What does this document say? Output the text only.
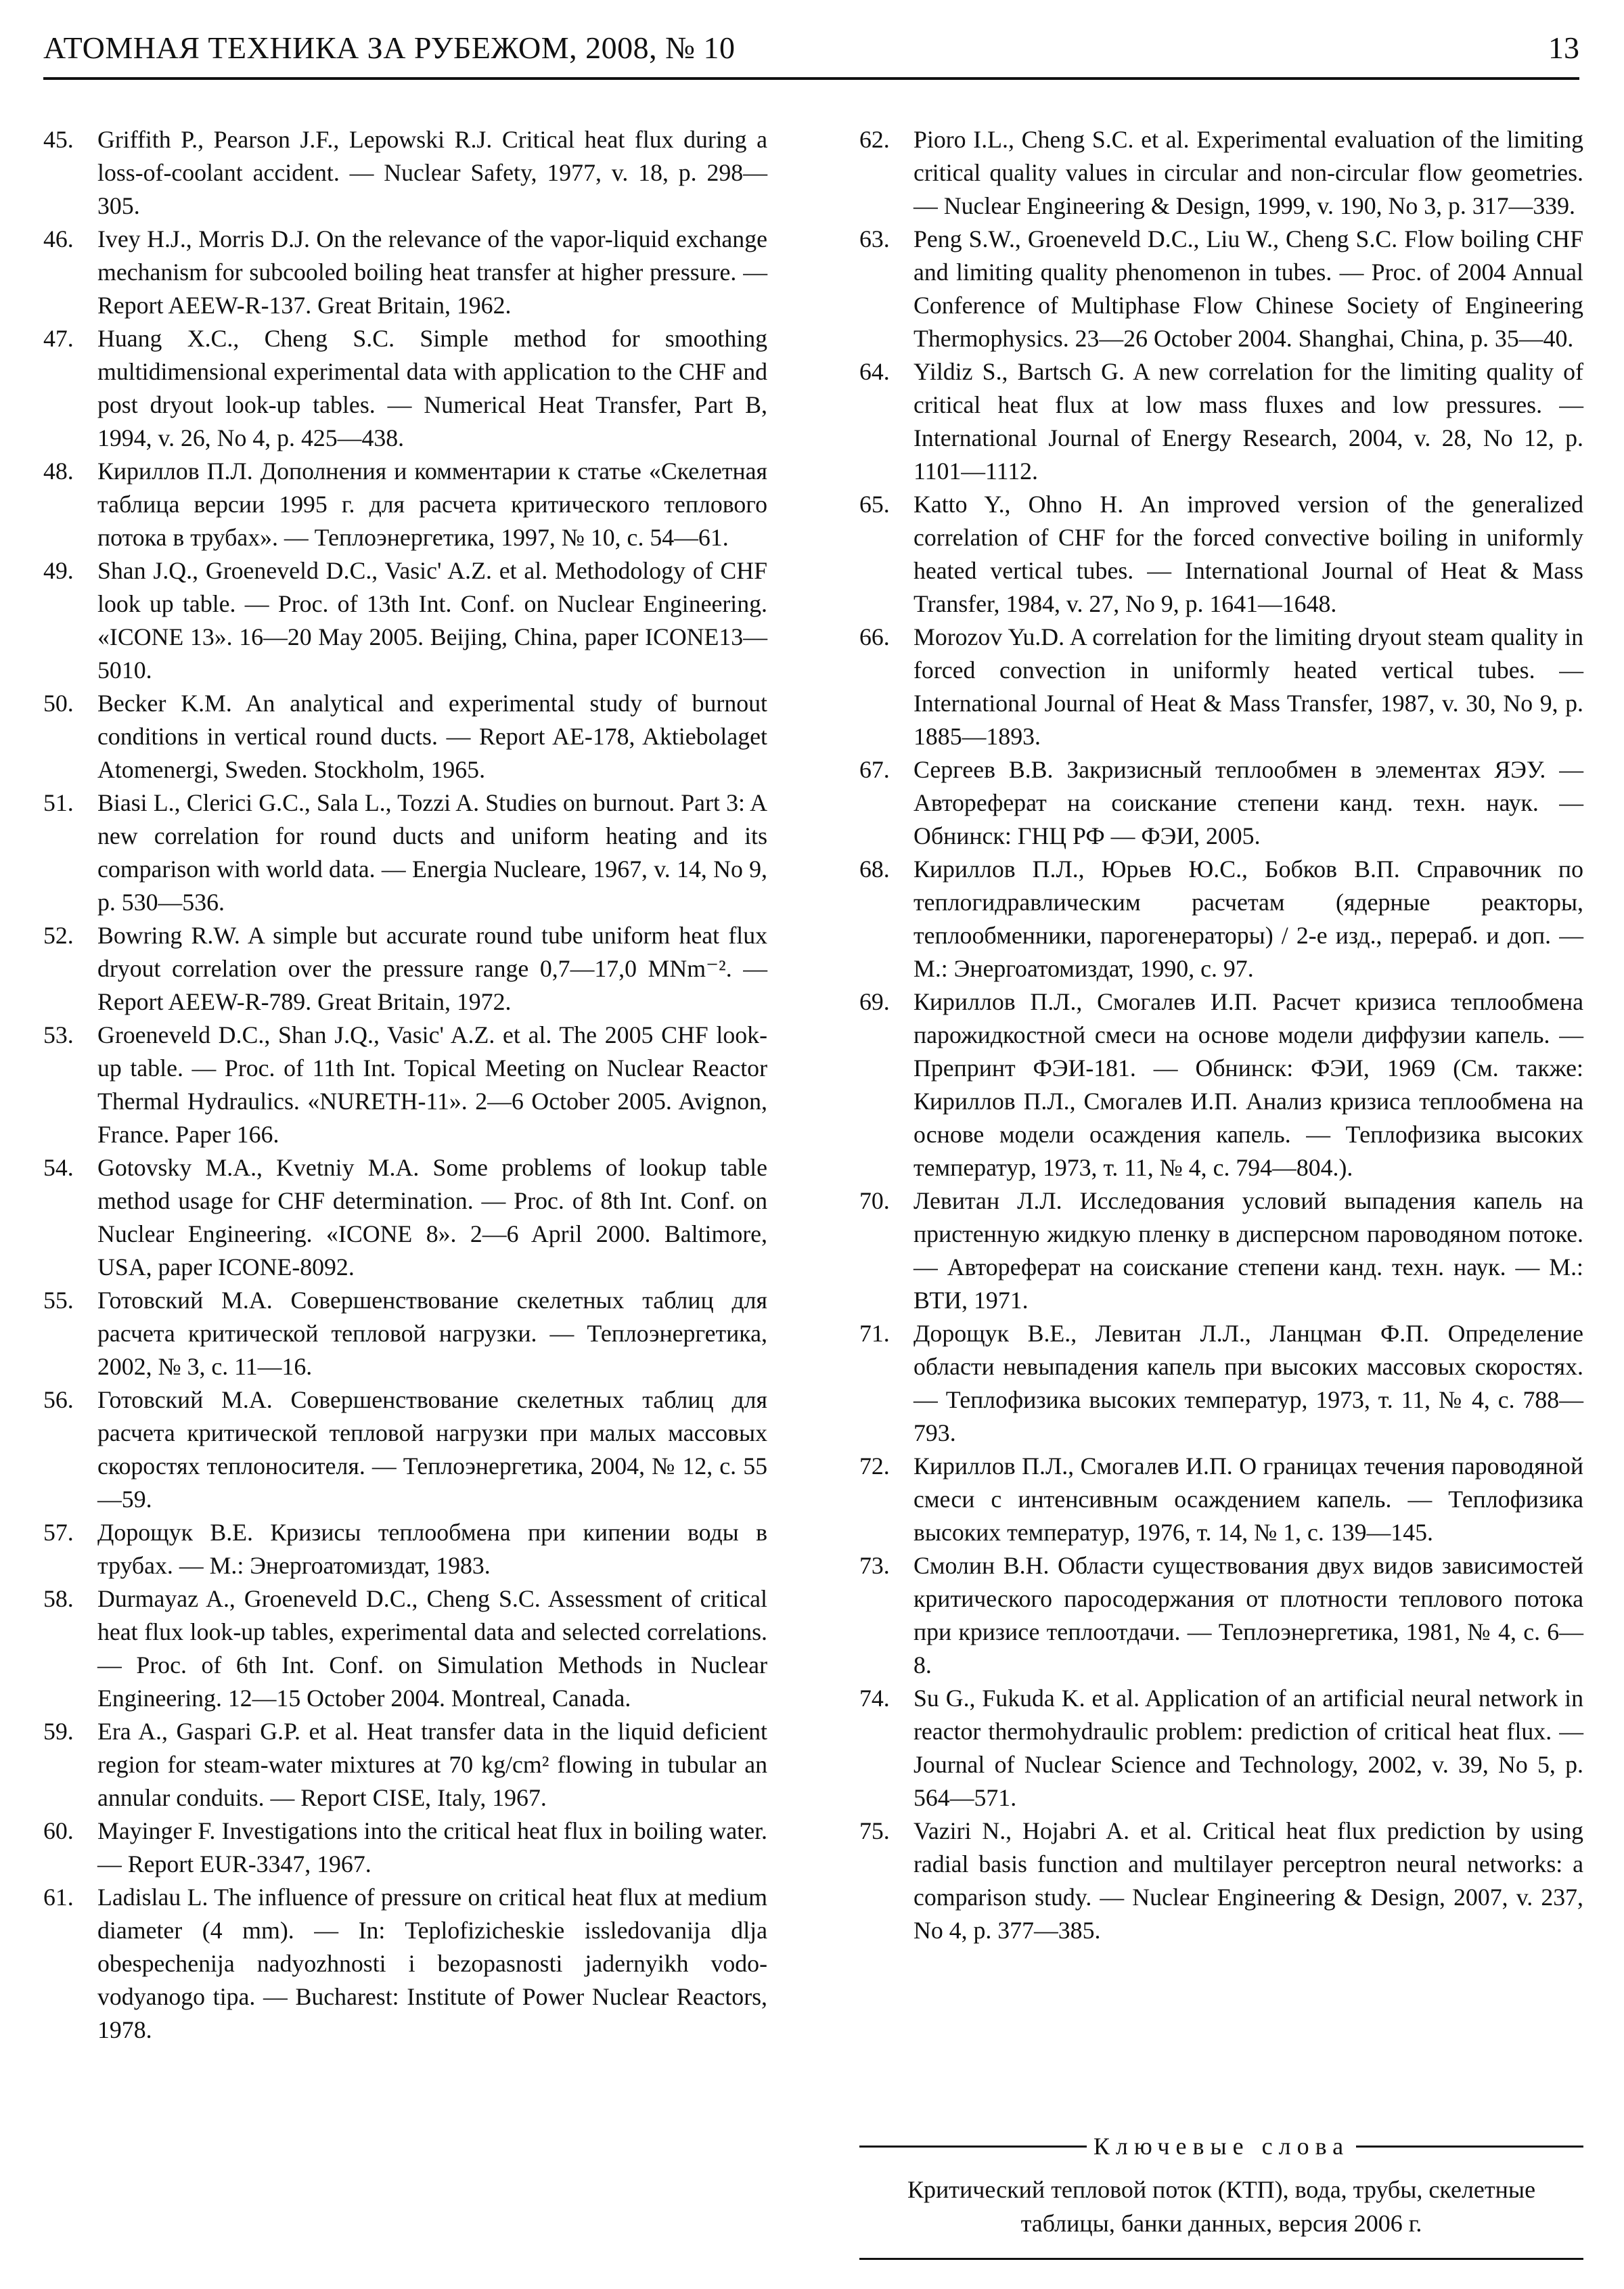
АТОМНАЯ ТЕХНИКА ЗА РУБЕЖОМ, 2008, № 10	13

45. Griffith P., Pearson J.F., Lepowski R.J. Critical heat flux during a loss-of-coolant accident. — Nuclear Safety, 1977, v. 18, p. 298—305.

46. Ivey H.J., Morris D.J. On the relevance of the vapor-liquid exchange mechanism for subcooled boiling heat transfer at higher pressure. — Report AEEW-R-137. Great Britain, 1962.

47. Huang X.C., Cheng S.C. Simple method for smoothing multidimensional experimental data with application to the CHF and post dryout look-up tables. — Numerical Heat Transfer, Part B, 1994, v. 26, No 4, p. 425—438.

48. Кириллов П.Л. Дополнения и комментарии к статье «Скелетная таблица версии 1995 г. для расчета критического теплового потока в трубах». — Теплоэнергетика, 1997, № 10, с. 54—61.

49. Shan J.Q., Groeneveld D.C., Vasic' A.Z. et al. Methodology of CHF look up table. — Proc. of 13th Int. Conf. on Nuclear Engineering. «ICONE 13». 16—20 May 2005. Beijing, China, paper ICONE13—5010.

50. Becker K.M. An analytical and experimental study of burnout conditions in vertical round ducts. — Report AE-178, Aktiebolaget Atomenergi, Sweden. Stockholm, 1965.

51. Biasi L., Clerici G.C., Sala L., Tozzi A. Studies on burnout. Part 3: A new correlation for round ducts and uniform heating and its comparison with world data. — Energia Nucleare, 1967, v. 14, No 9, p. 530—536.

52. Bowring R.W. A simple but accurate round tube uniform heat flux dryout correlation over the pressure range 0,7—17,0 MNm⁻². — Report AEEW-R-789. Great Britain, 1972.

53. Groeneveld D.C., Shan J.Q., Vasic' A.Z. et al. The 2005 CHF look-up table. — Proc. of 11th Int. Topical Meeting on Nuclear Reactor Thermal Hydraulics. «NURETH-11». 2—6 October 2005. Avignon, France. Paper 166.

54. Gotovsky M.A., Kvetniy M.A. Some problems of lookup table method usage for CHF determination. — Proc. of 8th Int. Conf. on Nuclear Engineering. «ICONE 8». 2—6 April 2000. Baltimore, USA, paper ICONE-8092.

55. Готовский М.А. Совершенствование скелетных таблиц для расчета критической тепловой нагрузки. — Теплоэнергетика, 2002, № 3, с. 11—16.

56. Готовский М.А. Совершенствование скелетных таблиц для расчета критической тепловой нагрузки при малых массовых скоростях теплоносителя. — Теплоэнергетика, 2004, № 12, с. 55—59.

57. Дорощук В.Е. Кризисы теплообмена при кипении воды в трубах. — М.: Энергоатомиздат, 1983.

58. Durmayaz A., Groeneveld D.C., Cheng S.C. Assessment of critical heat flux look-up tables, experimental data and selected correlations. — Proc. of 6th Int. Conf. on Simulation Methods in Nuclear Engineering. 12—15 October 2004. Montreal, Canada.

59. Era A., Gaspari G.P. et al. Heat transfer data in the liquid deficient region for steam-water mixtures at 70 kg/cm² flowing in tubular an annular conduits. — Report CISE, Italy, 1967.

60. Mayinger F. Investigations into the critical heat flux in boiling water. — Report EUR-3347, 1967.

61. Ladislau L. The influence of pressure on critical heat flux at medium diameter (4 mm). — In: Teplofizicheskie issledovanija dlja obespechenija nadyozhnosti i bezopasnosti jadernyikh vodo-vodyanogo tipa. — Bucharest: Institute of Power Nuclear Reactors, 1978.

62. Pioro I.L., Cheng S.C. et al. Experimental evaluation of the limiting critical quality values in circular and non-circular flow geometries. — Nuclear Engineering & Design, 1999, v. 190, No 3, p. 317—339.

63. Peng S.W., Groeneveld D.C., Liu W., Cheng S.C. Flow boiling CHF and limiting quality phenomenon in tubes. — Proc. of 2004 Annual Conference of Multiphase Flow Chinese Society of Engineering Thermophysics. 23—26 October 2004. Shanghai, China, p. 35—40.

64. Yildiz S., Bartsch G. A new correlation for the limiting quality of critical heat flux at low mass fluxes and low pressures. — International Journal of Energy Research, 2004, v. 28, No 12, p. 1101—1112.

65. Katto Y., Ohno H. An improved version of the generalized correlation of CHF for the forced convective boiling in uniformly heated vertical tubes. — International Journal of Heat & Mass Transfer, 1984, v. 27, No 9, p. 1641—1648.

66. Morozov Yu.D. A correlation for the limiting dryout steam quality in forced convection in uniformly heated vertical tubes. — International Journal of Heat & Mass Transfer, 1987, v. 30, No 9, p. 1885—1893.

67. Сергеев В.В. Закризисный теплообмен в элементах ЯЭУ. — Автореферат на соискание степени канд. техн. наук. — Обнинск: ГНЦ РФ — ФЭИ, 2005.

68. Кириллов П.Л., Юрьев Ю.С., Бобков В.П. Справочник по теплогидравлическим расчетам (ядерные реакторы, теплообменники, парогенераторы) / 2-е изд., перераб. и доп. — М.: Энергоатомиздат, 1990, с. 97.

69. Кириллов П.Л., Смогалев И.П. Расчет кризиса теплообмена парожидкостной смеси на основе модели диффузии капель. — Препринт ФЭИ-181. — Обнинск: ФЭИ, 1969 (См. также: Кириллов П.Л., Смогалев И.П. Анализ кризиса теплообмена на основе модели осаждения капель. — Теплофизика высоких температур, 1973, т. 11, № 4, с. 794—804.).

70. Левитан Л.Л. Исследования условий выпадения капель на пристенную жидкую пленку в дисперсном пароводяном потоке. — Автореферат на соискание степени канд. техн. наук. — М.: ВТИ, 1971.

71. Дорощук В.Е., Левитан Л.Л., Ланцман Ф.П. Определение области невыпадения капель при высоких массовых скоростях. — Теплофизика высоких температур, 1973, т. 11, № 4, с. 788—793.

72. Кириллов П.Л., Смогалев И.П. О границах течения пароводяной смеси с интенсивным осаждением капель. — Теплофизика высоких температур, 1976, т. 14, № 1, с. 139—145.

73. Смолин В.Н. Области существования двух видов зависимостей критического паросодержания от плотности теплового потока при кризисе теплоотдачи. — Теплоэнергетика, 1981, № 4, с. 6—8.

74. Su G., Fukuda K. et al. Application of an artificial neural network in reactor thermohydraulic problem: prediction of critical heat flux. — Journal of Nuclear Science and Technology, 2002, v. 39, No 5, p. 564—571.

75. Vaziri N., Hojabri A. et al. Critical heat flux prediction by using radial basis function and multilayer perceptron neural networks: a comparison study. — Nuclear Engineering & Design, 2007, v. 237, No 4, p. 377—385.

Ключевые слова
Критический тепловой поток (КТП), вода, трубы, скелетные таблицы, банки данных, версия 2006 г.
